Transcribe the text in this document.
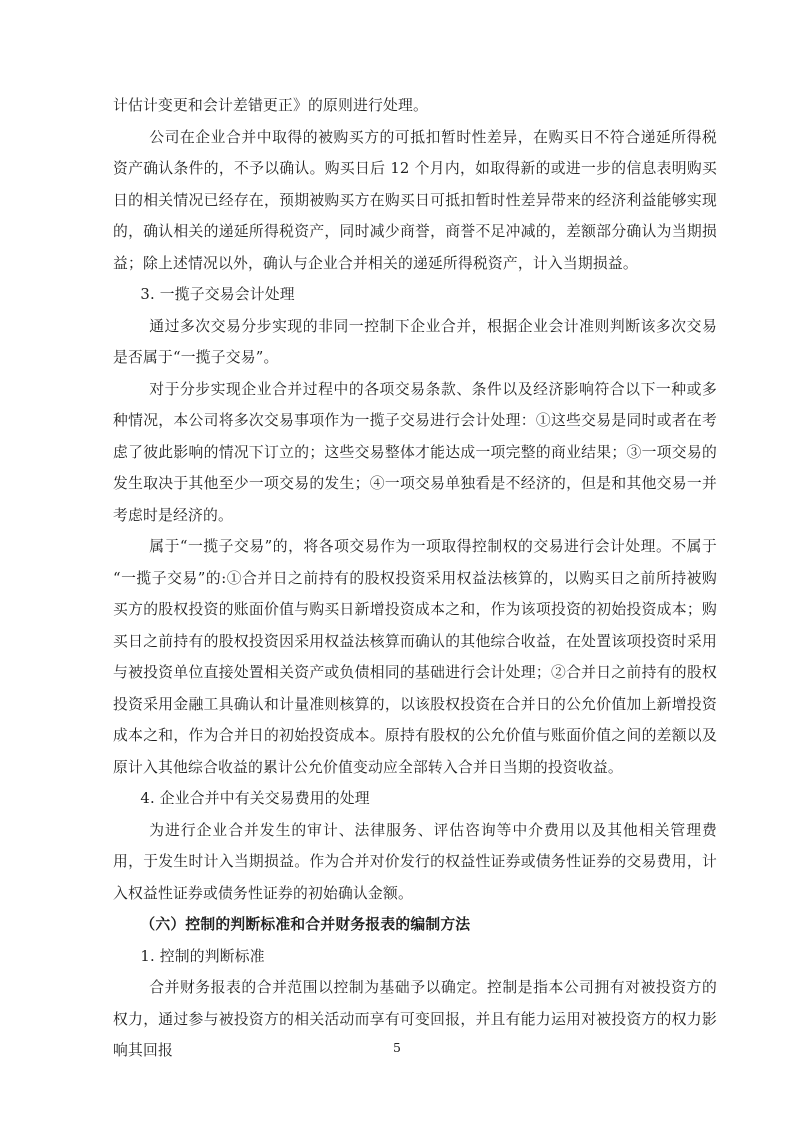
计估计变更和会计差错更正》的原则进行处理。

公司在企业合并中取得的被购买方的可抵扣暂时性差异，在购买日不符合递延所得税资产确认条件的，不予以确认。购买日后 12 个月内，如取得新的或进一步的信息表明购买日的相关情况已经存在，预期被购买方在购买日可抵扣暂时性差异带来的经济利益能够实现的，确认相关的递延所得税资产，同时减少商誉，商誉不足冲减的，差额部分确认为当期损益；除上述情况以外，确认与企业合并相关的递延所得税资产，计入当期损益。

3. 一揽子交易会计处理

通过多次交易分步实现的非同一控制下企业合并，根据企业会计准则判断该多次交易是否属于“一揽子交易”。

对于分步实现企业合并过程中的各项交易条款、条件以及经济影响符合以下一种或多种情况，本公司将多次交易事项作为一揽子交易进行会计处理：①这些交易是同时或者在考虑了彼此影响的情况下订立的；这些交易整体才能达成一项完整的商业结果；③一项交易的发生取决于其他至少一项交易的发生；④一项交易单独看是不经济的，但是和其他交易一并考虑时是经济的。

属于“一揽子交易”的，将各项交易作为一项取得控制权的交易进行会计处理。不属于“一揽子交易”的:①合并日之前持有的股权投资采用权益法核算的，以购买日之前所持被购买方的股权投资的账面价值与购买日新增投资成本之和，作为该项投资的初始投资成本；购买日之前持有的股权投资因采用权益法核算而确认的其他综合收益，在处置该项投资时采用与被投资单位直接处置相关资产或负债相同的基础进行会计处理；②合并日之前持有的股权投资采用金融工具确认和计量准则核算的，以该股权投资在合并日的公允价值加上新增投资成本之和，作为合并日的初始投资成本。原持有股权的公允价值与账面价值之间的差额以及原计入其他综合收益的累计公允价值变动应全部转入合并日当期的投资收益。

4. 企业合并中有关交易费用的处理

为进行企业合并发生的审计、法律服务、评估咨询等中介费用以及其他相关管理费用，于发生时计入当期损益。作为合并对价发行的权益性证券或债务性证券的交易费用，计入权益性证券或债务性证券的初始确认金额。

（六）控制的判断标准和合并财务报表的编制方法

1. 控制的判断标准

合并财务报表的合并范围以控制为基础予以确定。控制是指本公司拥有对被投资方的权力，通过参与被投资方的相关活动而享有可变回报，并且有能力运用对被投资方的权力影响其回报	5
